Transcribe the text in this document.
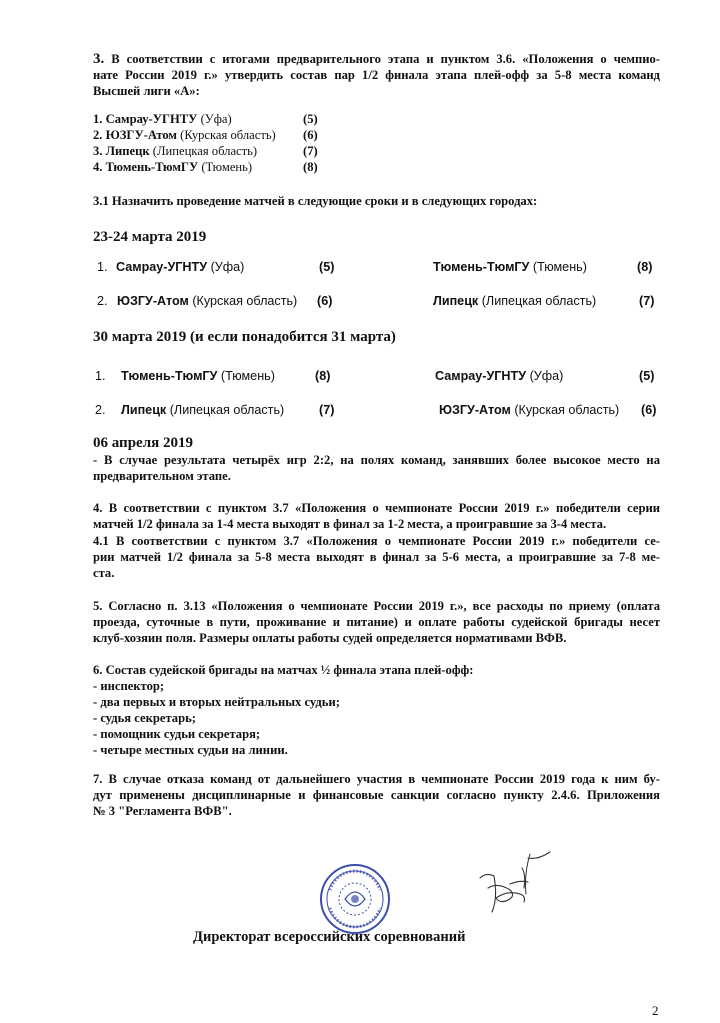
3. В соответствии с итогами предварительного этапа и пунктом 3.6. «Положения о чемпио-

нате России 2019 г.» утвердить состав пар 1/2 финала этапа плей-офф за 5-8 места команд

Высшей лиги «А»:

1. Самрау-УГНТУ (Уфа)	(5)
2. ЮЗГУ-Атом (Курская область) (6)
3. Липецк (Липецкая область)	(7)
4. Тюмень-ТюмГУ (Тюмень)	(8)
3.1 Назначить проведение матчей в следующие сроки и в следующих городах:
23-24 марта 2019
1. Самрау-УГНТУ (Уфа)	(5)	Тюмень-ТюмГУ (Тюмень)	(8)
2. ЮЗГУ-Атом (Курская область) (6)	Липецк (Липецкая область)	(7)
30 марта 2019 (и если понадобится 31 марта)
1. Тюмень-ТюмГУ (Тюмень)	(8)	Самрау-УГНТУ (Уфа)	(5)
2. Липецк (Липецкая область)	(7)	ЮЗГУ-Атом (Курская область) (6)
06 апреля 2019
- В случае результата четырёх игр 2:2, на полях команд, занявших более высокое место на
предварительном этапе.
4. В соответствии с пунктом 3.7 «Положения о чемпионате России 2019 г.» победители серии
матчей 1/2 финала за 1-4 места выходят в финал за 1-2 места, а проигравшие за 3-4 места.
4.1 В соответствии с пунктом 3.7 «Положения о чемпионате России 2019 г.» победители се-
рии матчей 1/2 финала за 5-8 места выходят в финал за 5-6 места, а проигравшие за 7-8 ме-
ста.
5. Согласно п. 3.13 «Положения о чемпионате России 2019 г.», все расходы по приему (оплата
проезда, суточные в пути, проживание и питание) и оплате работы судейской бригады несет
клуб-хозяин поля. Размеры оплаты работы судей определяется нормативами ВФВ.
6. Состав судейской бригады на матчах ½ финала этапа плей-офф:
- инспектор;
- два первых и вторых нейтральных судьи;
- судья секретарь;
- помощник судьи секретаря;
- четыре местных судьи на линии.
7. В случае отказа команд от дальнейшего участия в чемпионате России 2019 года к ним бу-
дут применены дисциплинарные и финансовые санкции согласно пункту 2.4.6. Приложения
№ 3 "Регламента ВФВ".
Директорат всероссийских соревнований
2
